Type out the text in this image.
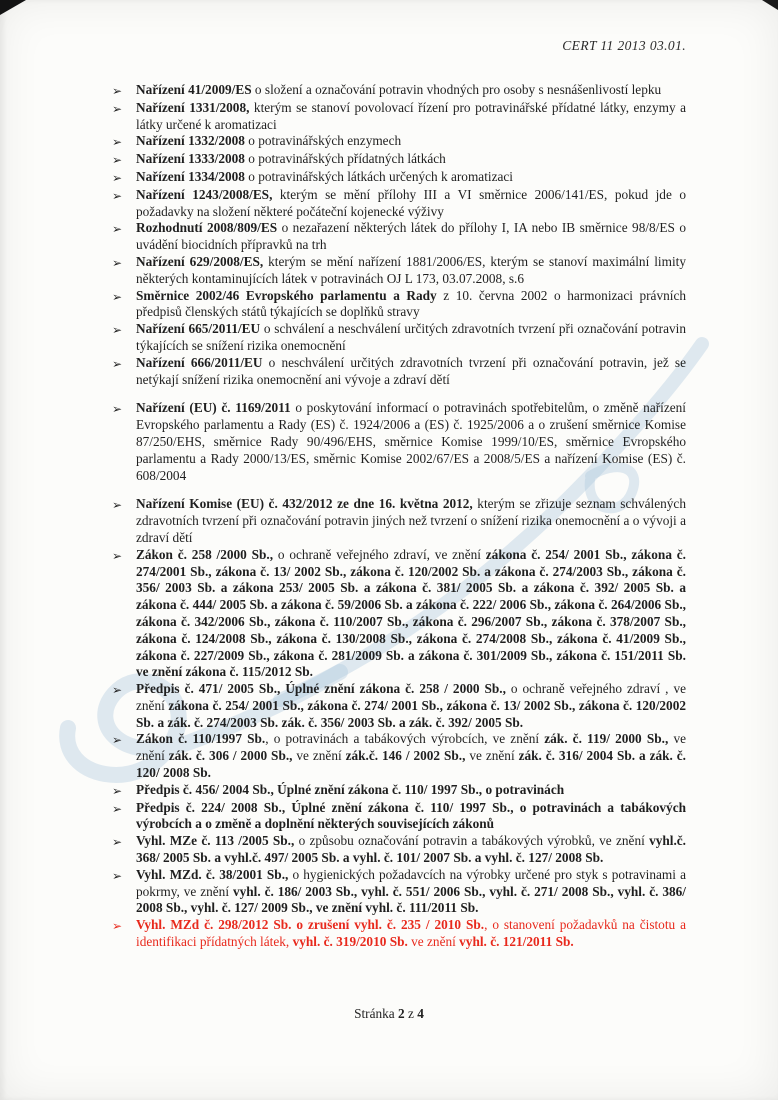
CERT 11 2013 03.01.
➢	Nařízení 41/2009/ES o složení a označování potravin vhodných pro osoby s nesnášenlivostí lepku
➢	Nařízení 1331/2008, kterým se stanoví povolovací řízení pro potravinářské přídatné látky, enzymy a látky určené k aromatizaci
➢	Nařízení 1332/2008 o potravinářských enzymech
➢	Nařízení 1333/2008 o potravinářských přídatných látkách
➢	Nařízení 1334/2008 o potravinářských látkách určených k aromatizaci
➢	Nařízení 1243/2008/ES, kterým se mění přílohy III a VI směrnice 2006/141/ES, pokud jde o požadavky na složení některé počáteční kojenecké výživy
➢	Rozhodnutí 2008/809/ES o nezařazení některých látek do přílohy I, IA nebo IB směrnice 98/8/ES o uvádění biocidních přípravků na trh
➢	Nařízení 629/2008/ES, kterým se mění nařízení 1881/2006/ES, kterým se stanoví maximální limity některých kontaminujících látek v potravinách OJ L 173, 03.07.2008, s.6
➢	Směrnice 2002/46 Evropského parlamentu a Rady z 10. června 2002 o harmonizaci právních předpisů členských států týkajících se doplňků stravy
➢	Nařízení 665/2011/EU o schválení a neschválení určitých zdravotních tvrzení při označování potravin týkajících se snížení rizika onemocnění
➢	Nařízení 666/2011/EU o neschválení určitých zdravotních tvrzení při označování potravin, jež se netýkají snížení rizika onemocnění ani vývoje a zdraví dětí
➢	Nařízení (EU) č. 1169/2011 o poskytování informací o potravinách spotřebitelům, o změně nařízení Evropského parlamentu a Rady (ES) č. 1924/2006 a (ES) č. 1925/2006 a o zrušení směrnice Komise 87/250/EHS, směrnice Rady 90/496/EHS, směrnice Komise 1999/10/ES, směrnice Evropského parlamentu a Rady 2000/13/ES, směrnic Komise 2002/67/ES a 2008/5/ES a nařízení Komise (ES) č. 608/2004
➢	Nařízení Komise (EU) č. 432/2012 ze dne 16. května 2012, kterým se zřizuje seznam schválených zdravotních tvrzení při označování potravin jiných než tvrzení o snížení rizika onemocnění a o vývoji a zdraví dětí
➢	Zákon č. 258 /2000 Sb., o ochraně veřejného zdraví, ve znění zákona č. 254/ 2001 Sb., zákona č. 274/2001 Sb., zákona č. 13/ 2002 Sb., zákona č. 120/2002 Sb. a zákona č. 274/2003 Sb., zákona č. 356/ 2003 Sb. a zákona 253/ 2005 Sb. a zákona č. 381/ 2005 Sb. a zákona č. 392/ 2005 Sb. a zákona č. 444/ 2005 Sb. a zákona č. 59/2006 Sb. a zákona č. 222/ 2006 Sb., zákona č. 264/2006 Sb., zákona č. 342/2006 Sb., zákona č. 110/2007 Sb., zákona č. 296/2007 Sb., zákona č. 378/2007 Sb., zákona č. 124/2008 Sb., zákona č. 130/2008 Sb., zákona č. 274/2008 Sb., zákona č. 41/2009 Sb., zákona č. 227/2009 Sb., zákona č. 281/2009 Sb. a zákona č. 301/2009 Sb., zákona č. 151/2011 Sb. ve znění zákona č. 115/2012 Sb.
➢	Předpis č. 471/ 2005 Sb., Úplné znění zákona č. 258 / 2000 Sb., o ochraně veřejného zdraví , ve znění zákona č. 254/ 2001 Sb., zákona č. 274/ 2001 Sb., zákona č. 13/ 2002 Sb., zákona č. 120/2002 Sb. a zák. č. 274/2003 Sb. zák. č. 356/ 2003 Sb. a zák. č. 392/ 2005 Sb.
➢	Zákon č. 110/1997 Sb., o potravinách a tabákových výrobcích, ve znění zák. č. 119/ 2000 Sb., ve znění zák. č. 306 / 2000 Sb., ve znění zák.č. 146 / 2002 Sb., ve znění zák. č. 316/ 2004 Sb. a zák. č. 120/ 2008 Sb.
➢	Předpis č. 456/ 2004 Sb., Úplné znění zákona č. 110/ 1997 Sb., o potravinách
➢	Předpis č. 224/ 2008 Sb., Úplné znění zákona č. 110/ 1997 Sb., o potravinách a tabákových výrobcích a o změně a doplnění některých souvisejících zákonů
➢	Vyhl. MZe č. 113 /2005 Sb., o způsobu označování potravin a tabákových výrobků, ve znění vyhl.č. 368/ 2005 Sb. a vyhl.č. 497/ 2005 Sb. a vyhl. č. 101/ 2007 Sb. a vyhl. č. 127/ 2008 Sb.
➢	Vyhl. MZd. č. 38/2001 Sb., o hygienických požadavcích na výrobky určené pro styk s potravinami a pokrmy, ve znění vyhl. č. 186/ 2003 Sb., vyhl. č. 551/ 2006 Sb., vyhl. č. 271/ 2008 Sb., vyhl. č. 386/ 2008 Sb., vyhl. č. 127/ 2009 Sb., ve znění vyhl. č. 111/2011 Sb.
➢	Vyhl. MZd č. 298/2012 Sb. o zrušení vyhl. č. 235 / 2010 Sb., o stanovení požadavků na čistotu a identifikaci přídatných látek, vyhl. č. 319/2010 Sb. ve znění vyhl. č. 121/2011 Sb.
Stránka 2 z 4
